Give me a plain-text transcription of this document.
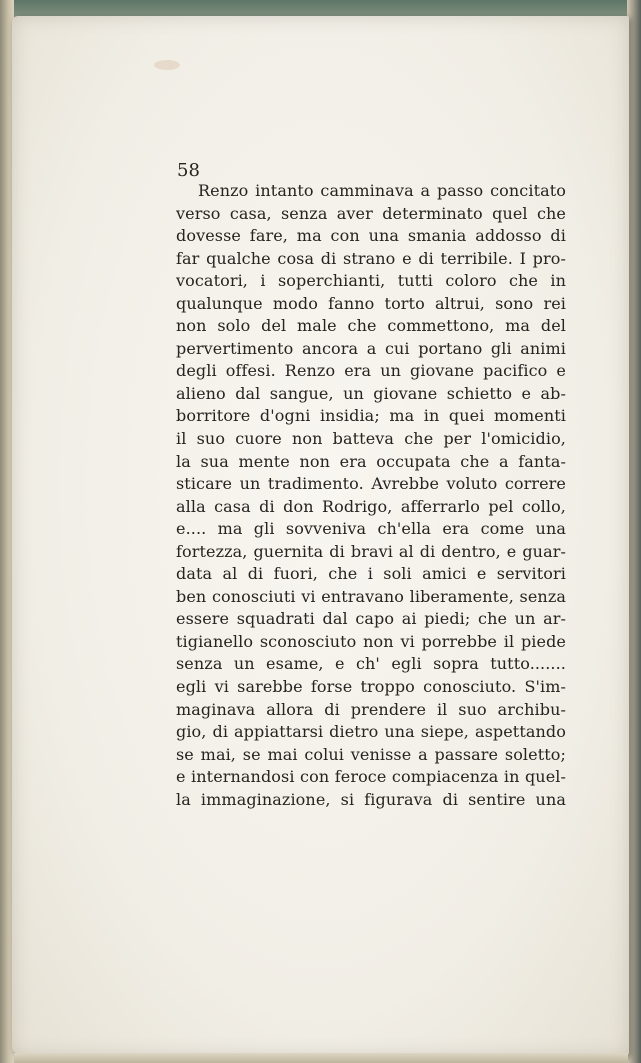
58

Renzo intanto camminava a passo concitato
verso casa, senza aver determinato quel che
dovesse fare, ma con una smania addosso di
far qualche cosa di strano e di terribile. I pro-
vocatori, i soperchianti, tutti coloro che in
qualunque modo fanno torto altrui, sono rei
non solo del male che commettono, ma del
pervertimento ancora a cui portano gli animi
degli offesi. Renzo era un giovane pacifico e
alieno dal sangue, un giovane schietto e ab-
borritore d'ogni insidia; ma in quei momenti
il suo cuore non batteva che per l'omicidio,
la sua mente non era occupata che a fanta-
sticare un tradimento. Avrebbe voluto correre
alla casa di don Rodrigo, afferrarlo pel collo,
e.... ma gli sovveniva ch'ella era come una
fortezza, guernita di bravi al di dentro, e guar-
data al di fuori, che i soli amici e servitori
ben conosciuti vi entravano liberamente, senza
essere squadrati dal capo ai piedi; che un ar-
tigianello sconosciuto non vi porrebbe il piede
senza un esame, e ch' egli sopra tutto.......
egli vi sarebbe forse troppo conosciuto. S'im-
maginava allora di prendere il suo archibu-
gio, di appiattarsi dietro una siepe, aspettando
se mai, se mai colui venisse a passare soletto;
e internandosi con feroce compiacenza in quel-
la immaginazione, si figurava di sentire una
